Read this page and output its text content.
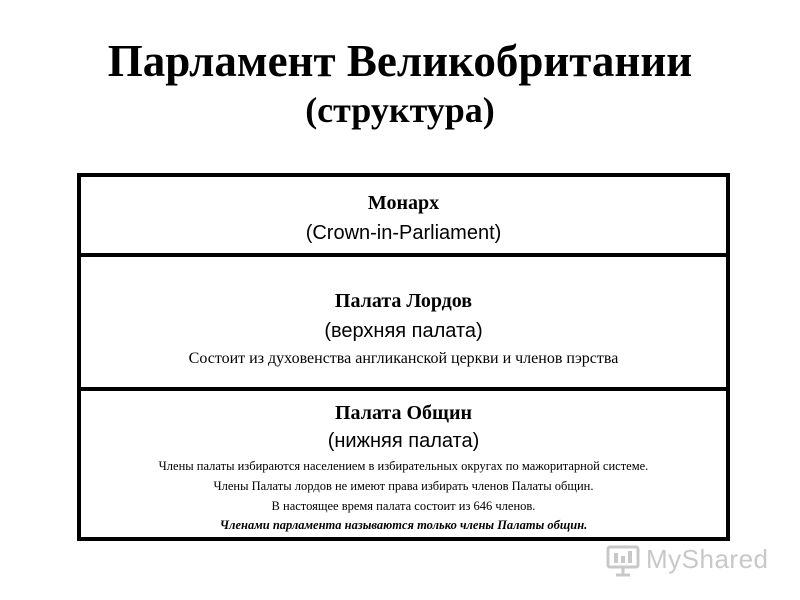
Парламент Великобритании
(структура)
Монарх
(Crown-in-Parliament)
Палата Лордов
(верхняя палата)
Состоит из духовенства англиканской церкви и членов пэрства
Палата Общин
(нижняя палата)
Члены палаты избираются населением в избирательных округах по мажоритарной системе.
Члены Палаты лордов не имеют права избирать членов Палаты общин.
В настоящее время палата состоит из 646 членов.
Членами парламента называются только члены Палаты общин.
MyShared
